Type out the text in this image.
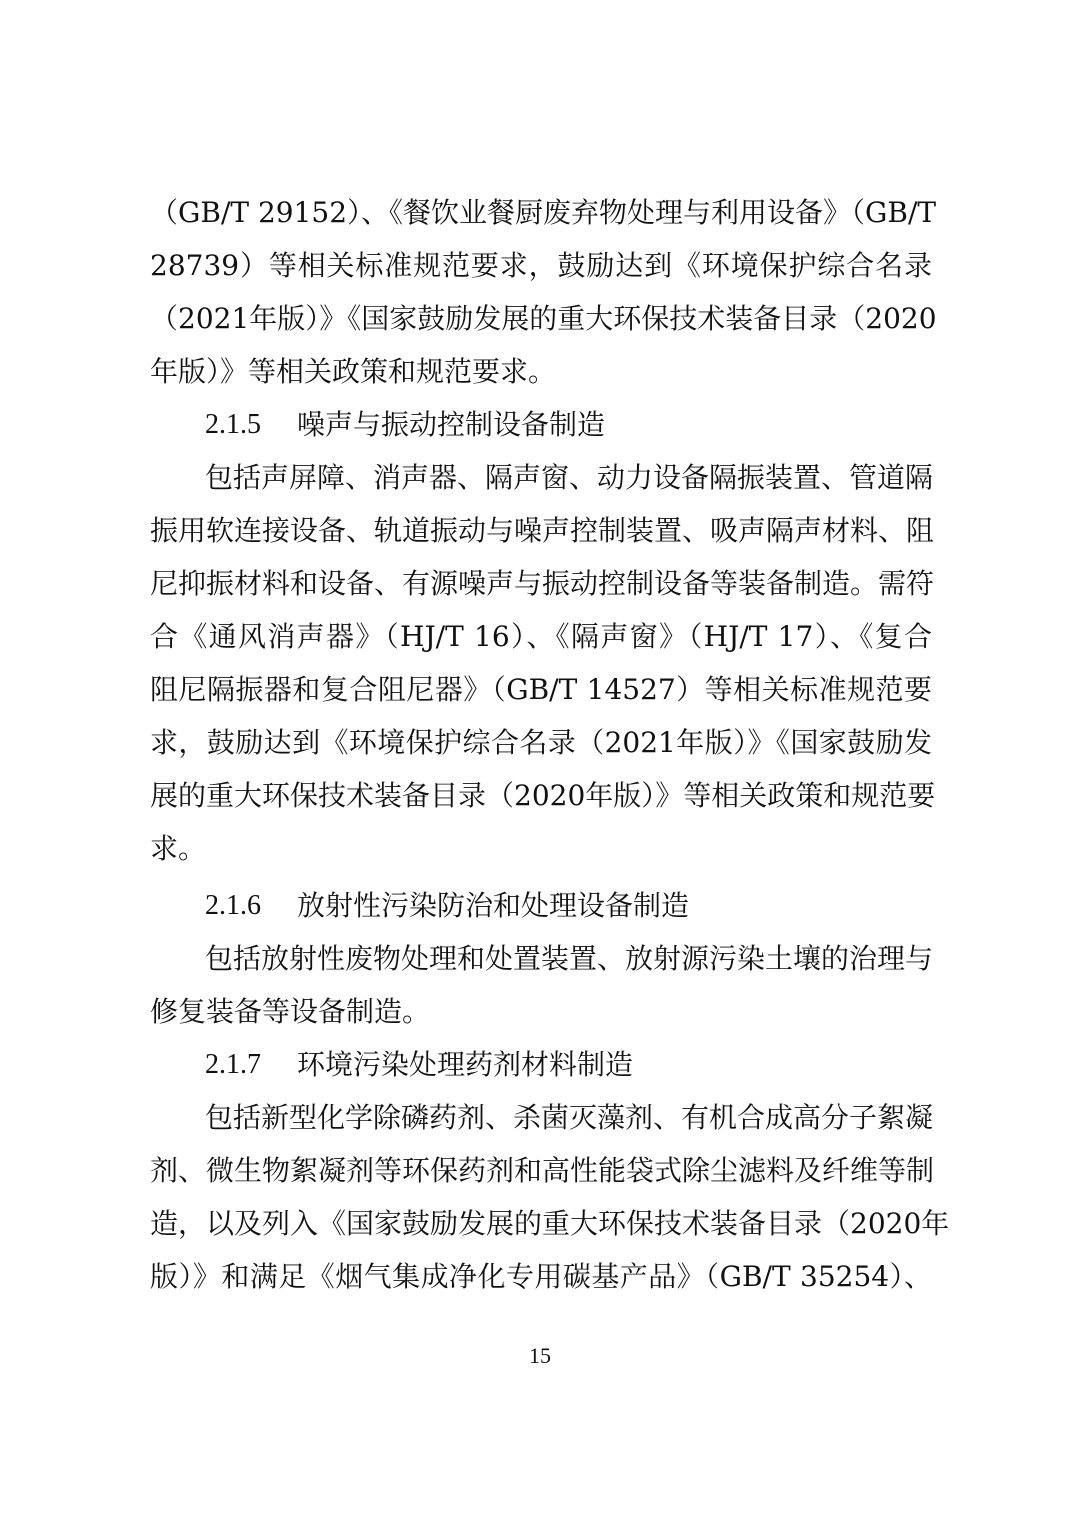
（GB/T 29152）、《餐饮业餐厨废弃物处理与利用设备》（GB/T
28739）等相关标准规范要求，鼓励达到《环境保护综合名录
（2021年版）》《国家鼓励发展的重大环保技术装备目录（2020
年版）》等相关政策和规范要求。
2.1.5 噪声与振动控制设备制造
包括声屏障、消声器、隔声窗、动力设备隔振装置、管道隔
振用软连接设备、轨道振动与噪声控制装置、吸声隔声材料、阻
尼抑振材料和设备、有源噪声与振动控制设备等装备制造。需符
合《通风消声器》（HJ/T 16）、《隔声窗》（HJ/T 17）、《复合
阻尼隔振器和复合阻尼器》（GB/T 14527）等相关标准规范要
求，鼓励达到《环境保护综合名录（2021年版）》《国家鼓励发
展的重大环保技术装备目录（2020年版）》等相关政策和规范要
求。
2.1.6 放射性污染防治和处理设备制造
包括放射性废物处理和处置装置、放射源污染土壤的治理与
修复装备等设备制造。
2.1.7 环境污染处理药剂材料制造
包括新型化学除磷药剂、杀菌灭藻剂、有机合成高分子絮凝
剂、微生物絮凝剂等环保药剂和高性能袋式除尘滤料及纤维等制
造，以及列入《国家鼓励发展的重大环保技术装备目录（2020年
版）》和满足《烟气集成净化专用碳基产品》（GB/T 35254）、
15
